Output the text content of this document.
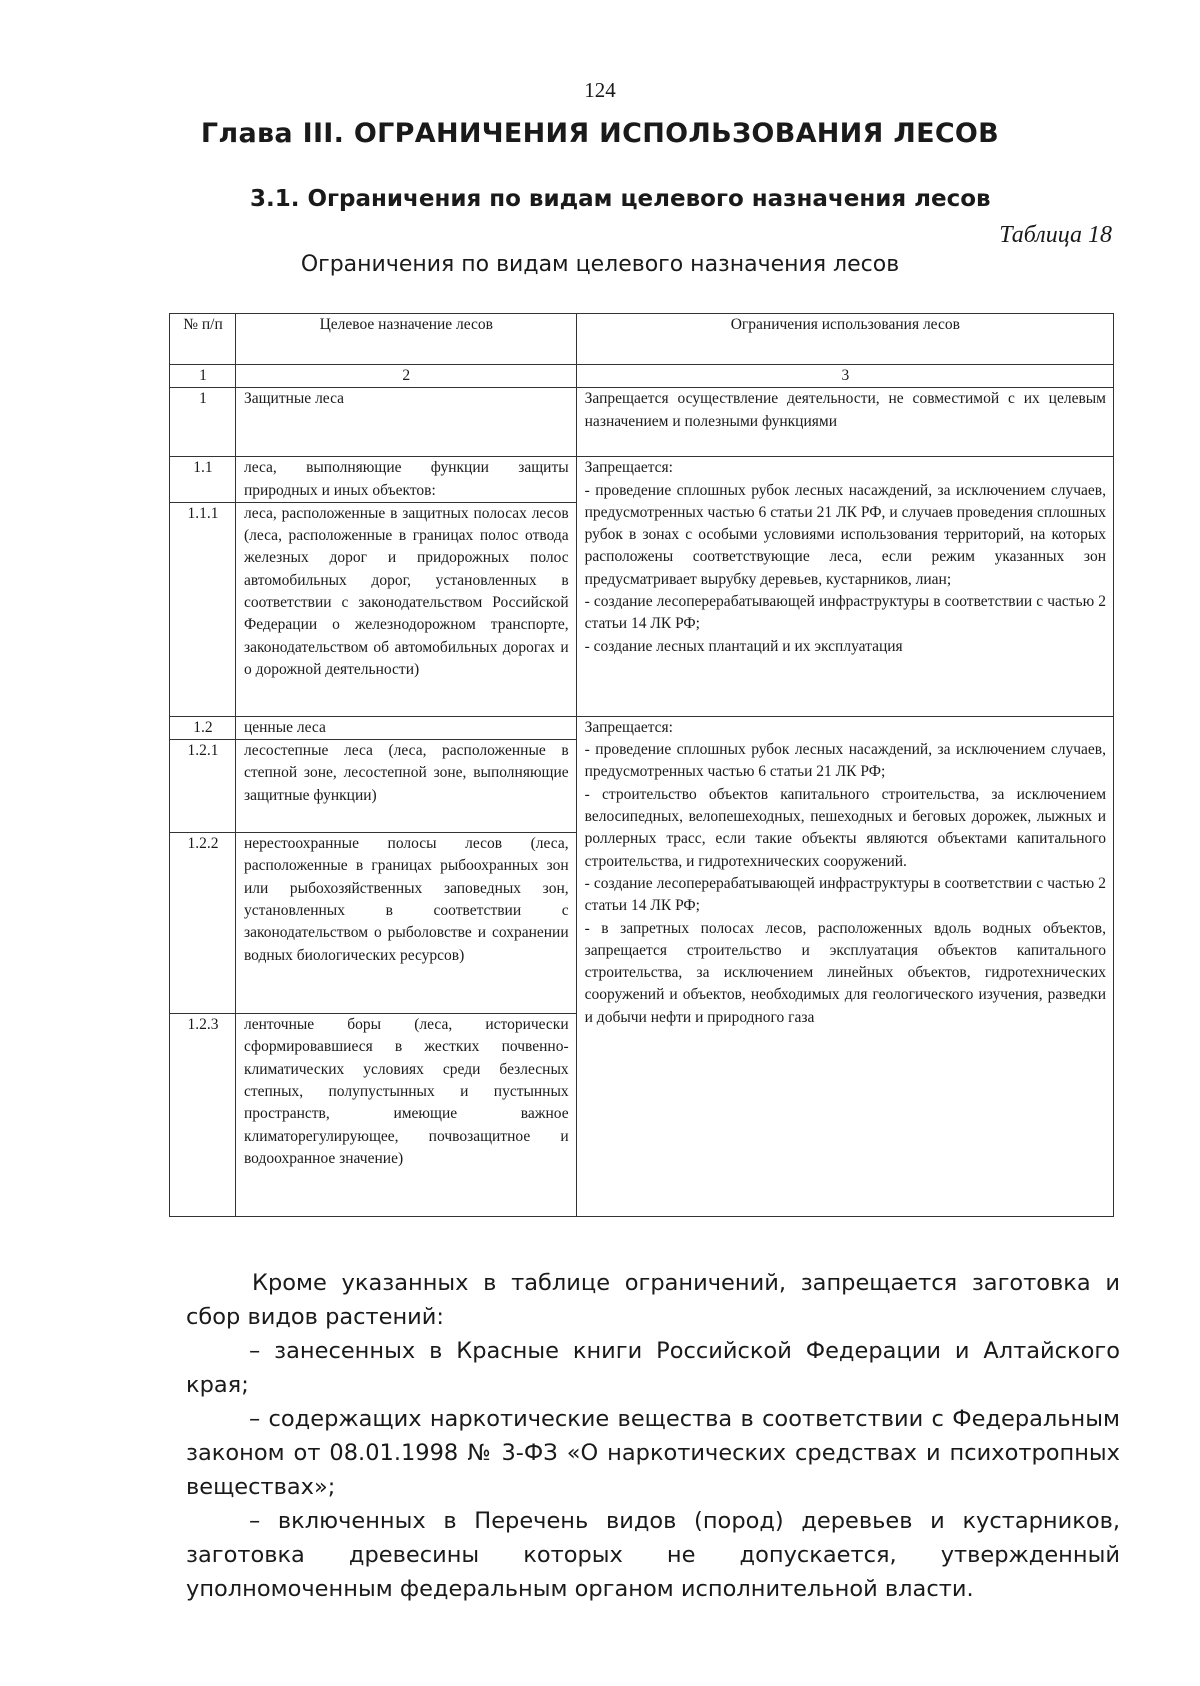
124
Глава III. ОГРАНИЧЕНИЯ ИСПОЛЬЗОВАНИЯ ЛЕСОВ
3.1. Ограничения по видам целевого назначения лесов
Таблица 18
Ограничения по видам целевого назначения лесов
№ п/п	Целевое назначение лесов	Ограничения использования лесов
1	2	3
1	Защитные леса	Запрещается осуществление деятельности, не совместимой с их целевым назначением и полезными функциями
1.1	леса, выполняющие функции защиты природных и иных объектов:	Запрещается:
- проведение сплошных рубок лесных насаждений, за исключением случаев, предусмотренных частью 6 статьи 21 ЛК РФ, и случаев проведения сплошных рубок в зонах с особыми условиями использования территорий, на которых расположены соответствующие леса, если режим указанных зон предусматривает вырубку деревьев, кустарников, лиан;
- создание лесоперерабатывающей инфраструктуры в соответствии с частью 2 статьи 14 ЛК РФ;
- создание лесных плантаций и их эксплуатация

1.1.1	леса, расположенные в защитных полосах лесов (леса, расположенные в границах полос отвода железных дорог и придорожных полос автомобильных дорог, установленных в соответствии с законодательством Российской Федерации о железнодорожном транспорте, законодательством об автомобильных дорогах и о дорожной деятельности)	
1.2	ценные леса	Запрещается:
- проведение сплошных рубок лесных насаждений, за исключением случаев, предусмотренных частью 6 статьи 21 ЛК РФ;
- строительство объектов капитального строительства, за исключением велосипедных, велопешеходных, пешеходных и беговых дорожек, лыжных и роллерных трасс, если такие объекты являются объектами капитального строительства, и гидротехнических сооружений.
- создание лесоперерабатывающей инфраструктуры в соответствии с частью 2 статьи 14 ЛК РФ;
- в запретных полосах лесов, расположенных вдоль водных объектов, запрещается строительство и эксплуатация объектов капитального строительства, за исключением линейных объектов, гидротехнических сооружений и объектов, необходимых для геологического изучения, разведки и добычи нефти и природного газа

1.2.1	лесостепные леса (леса, расположенные в степной зоне, лесостепной зоне, выполняющие защитные функции)	
1.2.2	нерестоохранные полосы лесов (леса, расположенные в границах рыбоохранных зон или рыбохозяйственных заповедных зон, установленных в соответствии с законодательством о рыболовстве и сохранении водных биологических ресурсов)	
1.2.3	ленточные боры (леса, исторически сформировавшиеся в жестких почвенно-климатических условиях среди безлесных степных, полупустынных и пустынных пространств, имеющие важное климаторегулирующее, почвозащитное и водоохранное значение)	

Кроме указанных в таблице ограничений, запрещается заготовка и сбор видов растений:

– занесенных в Красные книги Российской Федерации и Алтайского края;

– содержащих наркотические вещества в соответствии с Федеральным законом от 08.01.1998 № 3-ФЗ «О наркотических средствах и психотропных веществах»;

– включенных в Перечень видов (пород) деревьев и кустарников, заготовка древесины которых не допускается, утвержденный уполномоченным федеральным органом исполнительной власти.
